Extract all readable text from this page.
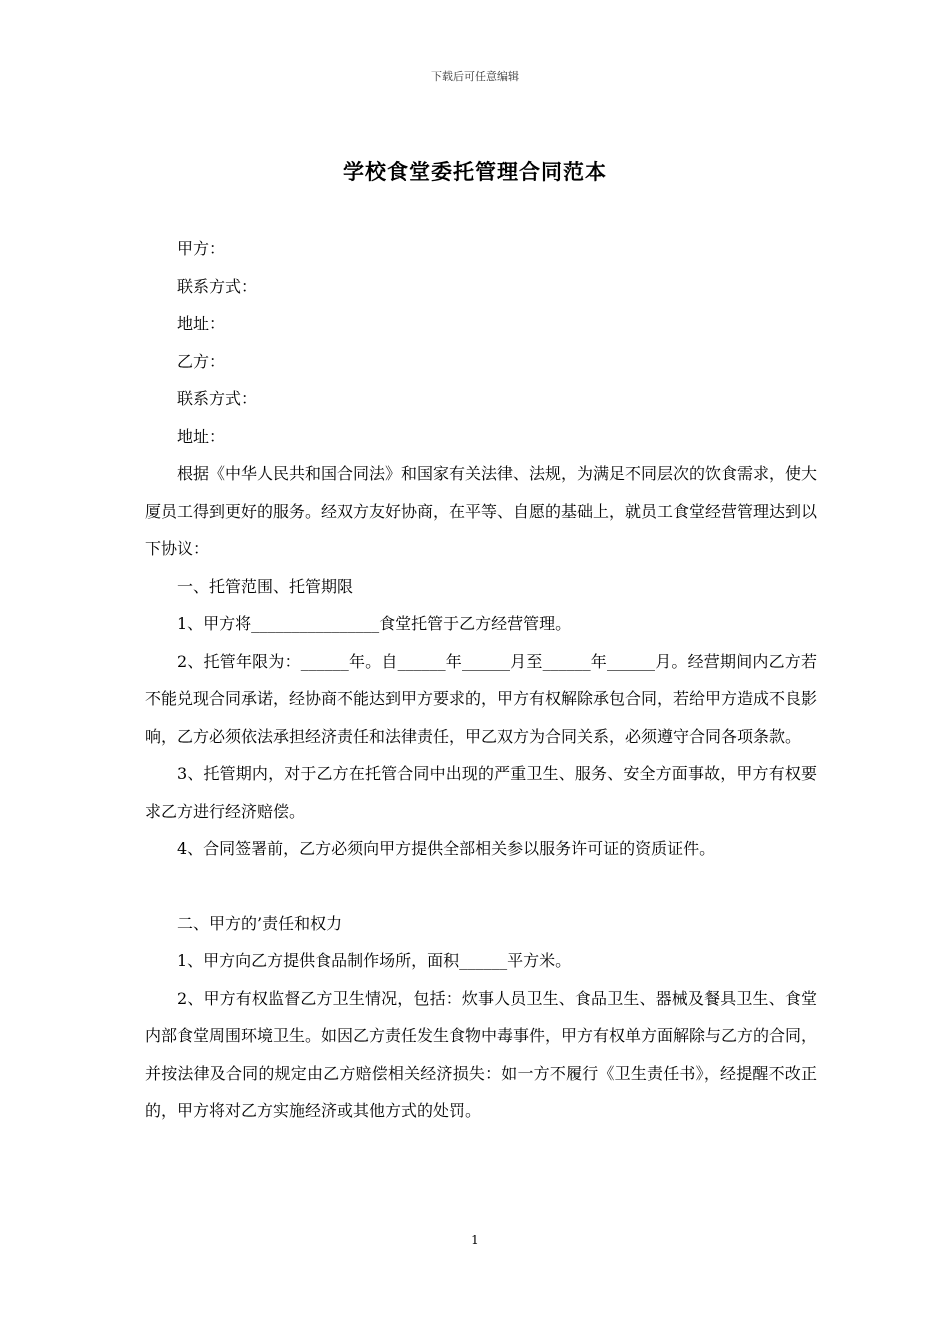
下载后可任意编辑
学校食堂委托管理合同范本

甲方：

联系方式：

地址：

乙方：

联系方式：

地址：

根据《中华人民共和国合同法》和国家有关法律、法规，为满足不同层次的饮食需求，使大厦员工得到更好的服务。经双方友好协商，在平等、自愿的基础上，就员工食堂经营管理达到以下协议：

一、托管范围、托管期限

1、甲方将________________食堂托管于乙方经营管理。

2、托管年限为：______年。自______年______月至______年______月。经营期间内乙方若不能兑现合同承诺，经协商不能达到甲方要求的，甲方有权解除承包合同，若给甲方造成不良影响，乙方必须依法承担经济责任和法律责任，甲乙双方为合同关系，必须遵守合同各项条款。

3、托管期内，对于乙方在托管合同中出现的严重卫生、服务、安全方面事故，甲方有权要求乙方进行经济赔偿。

4、合同签署前，乙方必须向甲方提供全部相关参以服务许可证的资质证件。

二、甲方的’责任和权力

1、甲方向乙方提供食品制作场所，面积______平方米。

2、甲方有权监督乙方卫生情况，包括：炊事人员卫生、食品卫生、器械及餐具卫生、食堂内部食堂周围环境卫生。如因乙方责任发生食物中毒事件，甲方有权单方面解除与乙方的合同，并按法律及合同的规定由乙方赔偿相关经济损失：如一方不履行《卫生责任书》，经提醒不改正的，甲方将对乙方实施经济或其他方式的处罚。

1
